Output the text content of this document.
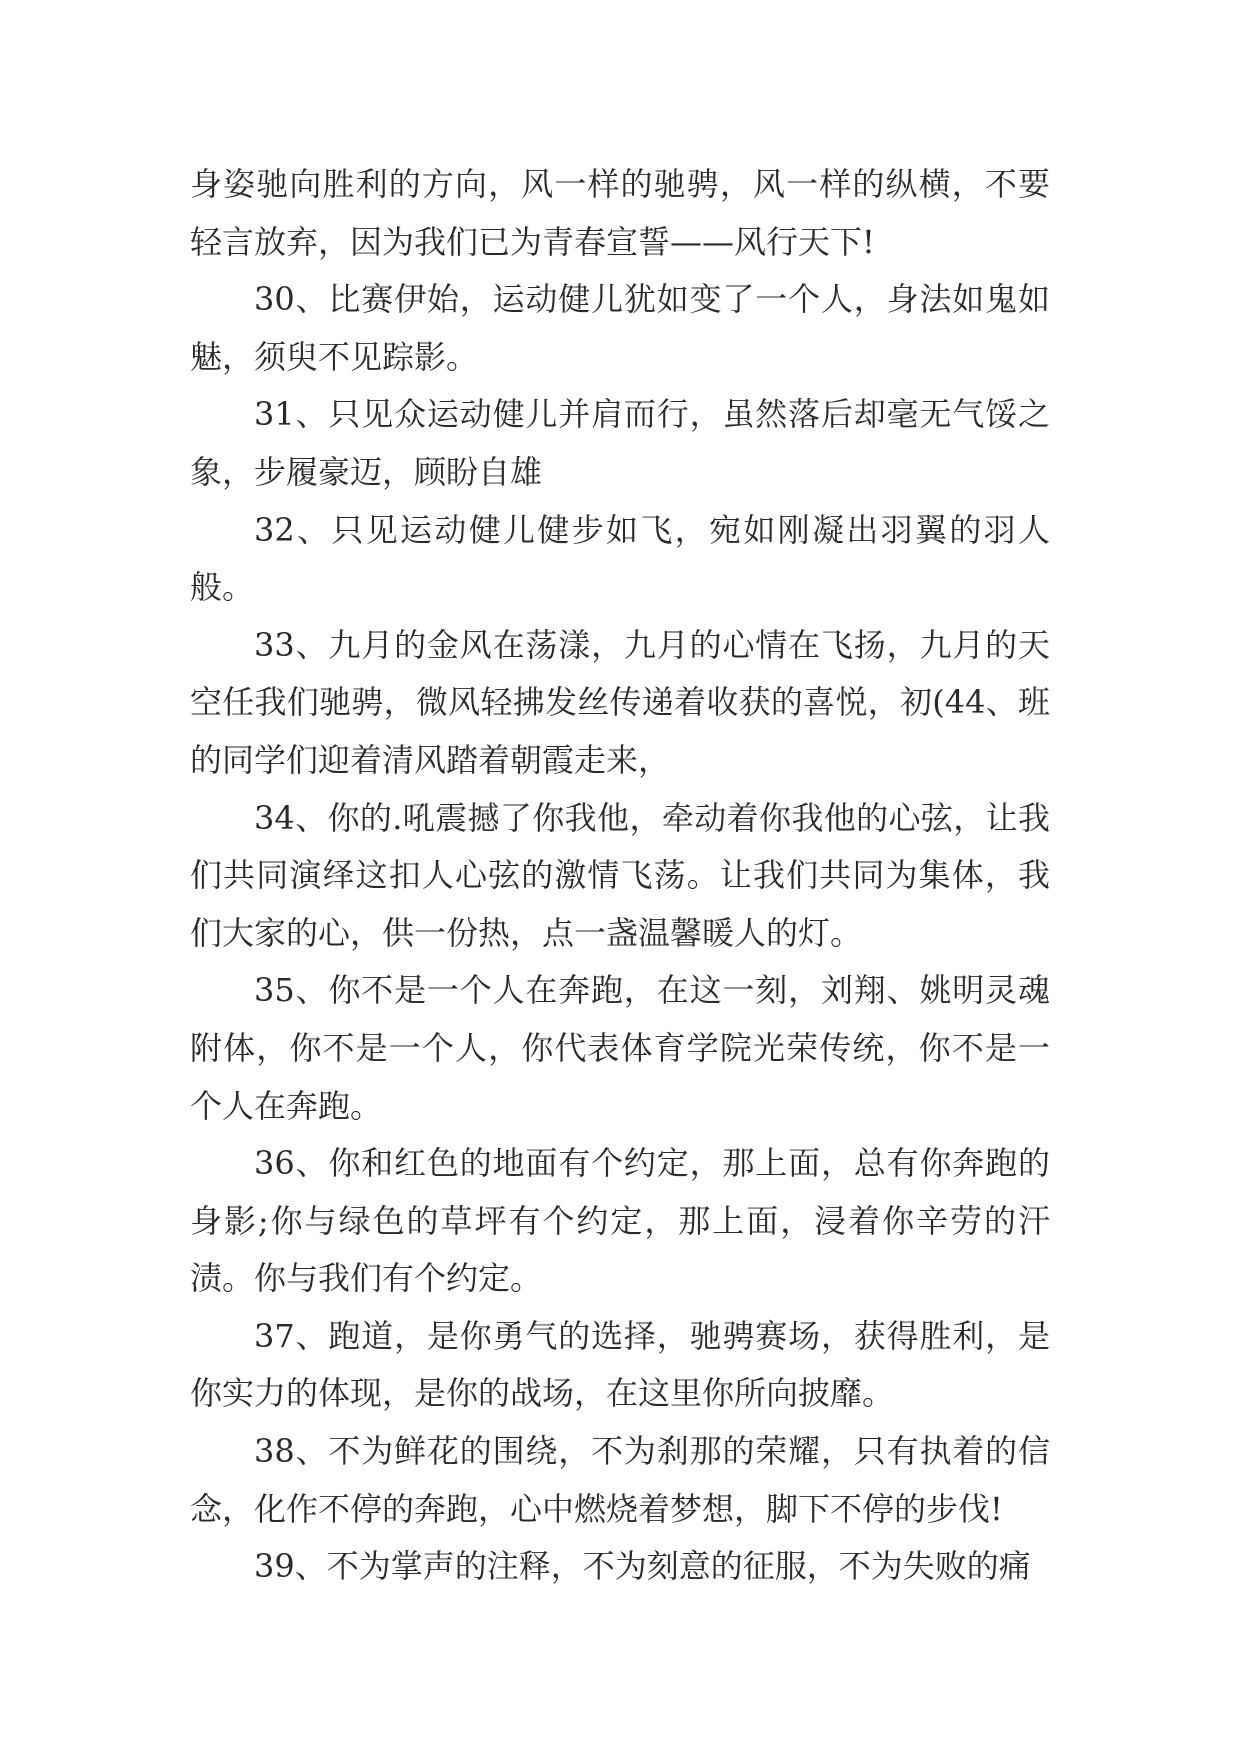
身姿驰向胜利的方向，风一样的驰骋，风一样的纵横，不要轻言放弃，因为我们已为青春宣誓——风行天下!

30、比赛伊始，运动健儿犹如变了一个人，身法如鬼如魅，须臾不见踪影。

31、只见众运动健儿并肩而行，虽然落后却毫无气馁之象，步履豪迈，顾盼自雄

32、只见运动健儿健步如飞，宛如刚凝出羽翼的羽人般。

33、九月的金风在荡漾，九月的心情在飞扬，九月的天空任我们驰骋，微风轻拂发丝传递着收获的喜悦，初(44、班的同学们迎着清风踏着朝霞走来，

34、你的.吼震撼了你我他，牵动着你我他的心弦，让我们共同演绎这扣人心弦的激情飞荡。让我们共同为集体，我们大家的心，供一份热，点一盏温馨暖人的灯。

35、你不是一个人在奔跑，在这一刻，刘翔、姚明灵魂附体，你不是一个人，你代表体育学院光荣传统，你不是一个人在奔跑。

36、你和红色的地面有个约定，那上面，总有你奔跑的身影;你与绿色的草坪有个约定，那上面，浸着你辛劳的汗渍。你与我们有个约定。

37、跑道，是你勇气的选择，驰骋赛场，获得胜利，是你实力的体现，是你的战场，在这里你所向披靡。

38、不为鲜花的围绕，不为刹那的荣耀，只有执着的信念，化作不停的奔跑，心中燃烧着梦想，脚下不停的步伐!

39、不为掌声的注释，不为刻意的征服，不为失败的痛
